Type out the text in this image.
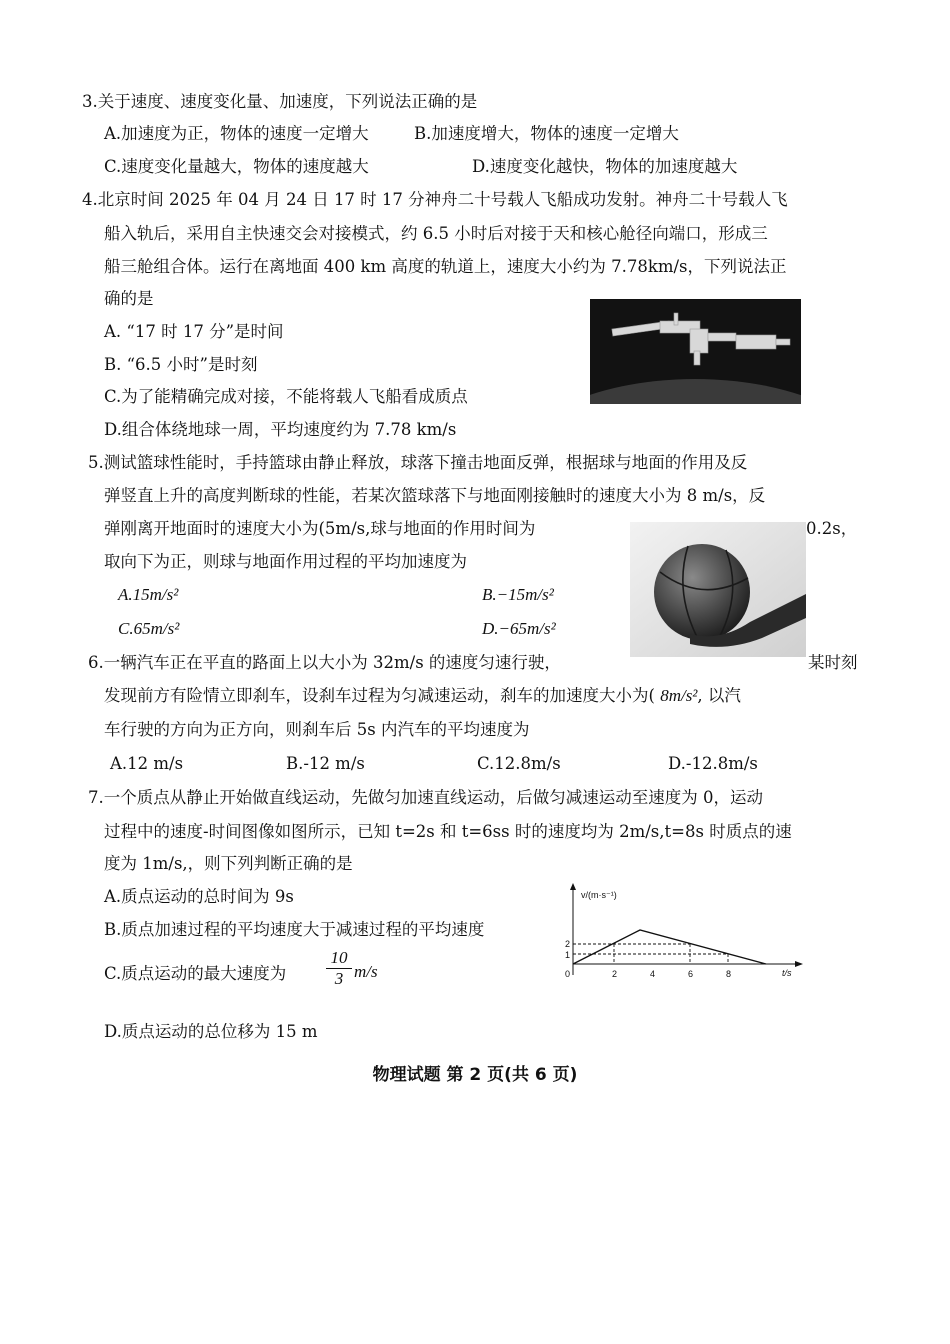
3.关于速度、速度变化量、加速度，下列说法正确的是
A.加速度为正，物体的速度一定增大	B.加速度增大，物体的速度一定增大
C.速度变化量越大，物体的速度越大	D.速度变化越快，物体的加速度越大
4.北京时间 2025 年 04 月 24 日 17 时 17 分神舟二十号载人飞船成功发射。神舟二十号载人飞
船入轨后，采用自主快速交会对接模式，约 6.5 小时后对接于天和核心舱径向端口，形成三
船三舱组合体。运行在离地面 400 km 高度的轨道上，速度大小约为 7.78km/s，下列说法正
确的是
A. “17 时 17 分”是时间
B. “6.5 小时”是时刻
C.为了能精确完成对接，不能将载人飞船看成质点
D.组合体绕地球一周，平均速度约为 7.78 km/s
5.测试篮球性能时，手持篮球由静止释放，球落下撞击地面反弹，根据球与地面的作用及反
弹竖直上升的高度判断球的性能，若某次篮球落下与地面刚接触时的速度大小为 8 m/s，反
弹刚离开地面时的速度大小为(5m/s,球与地面的作用时间为	0.2s，
取向下为正，则球与地面作用过程的平均加速度为
A.15m/s²	B.−15m/s²
C.65m/s²	D.−65m/s²
6.一辆汽车正在平直的路面上以大小为 32m/s 的速度匀速行驶，	某时刻
发现前方有险情立即刹车，设刹车过程为匀减速运动，刹车的加速度大小为( 8m/s², 以汽
车行驶的方向为正方向，则刹车后 5s 内汽车的平均速度为
A.12 m/s	B.-12 m/s	C.12.8m/s	D.-12.8m/s
7.一个质点从静止开始做直线运动，先做匀加速直线运动，后做匀减速运动至速度为 0，运动
过程中的速度-时间图像如图所示，已知 t=2s 和 t=6ss 时的速度均为 2m/s,t=8s 时质点的速
度为 1m/s,，则下列判断正确的是
A.质点运动的总时间为 9s
B.质点加速过程的平均速度大于减速过程的平均速度
C.质点运动的最大速度为 $\frac{10}{3} m/s$
D.质点运动的总位移为 15 m
v/(m·s⁻¹)
t/s
0
1
2
2	4	6	8
物理试题 第 2 页(共 6 页)
